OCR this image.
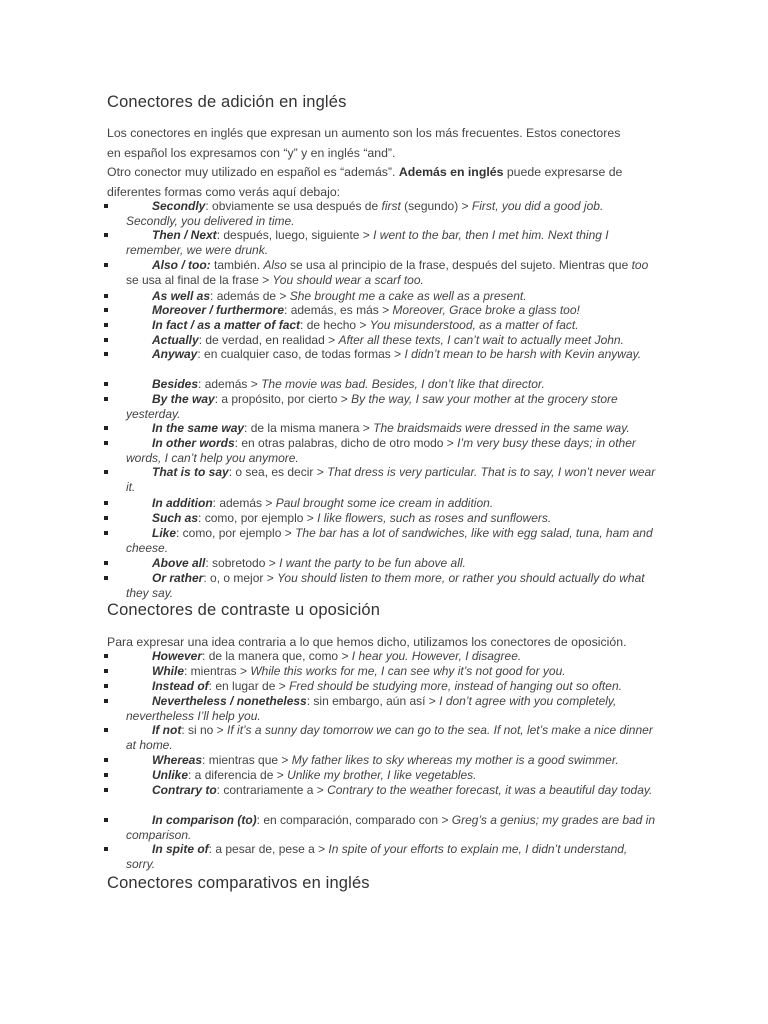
Conectores de adición en inglés

Los conectores en inglés que expresan un aumento son los más frecuentes. Estos conectores en español los expresamos con “y” y en inglés “and”.

Otro conector muy utilizado en español es “además”. Además en inglés puede expresarse de diferentes formas como verás aquí debajo:

Secondly: obviamente se usa después de first (segundo) > First, you did a good job. Secondly, you delivered in time.
Then / Next: después, luego, siguiente > I went to the bar, then I met him. Next thing I remember, we were drunk.
Also / too: también. Also se usa al principio de la frase, después del sujeto. Mientras que too se usa al final de la frase > You should wear a scarf too.
As well as: además de > She brought me a cake as well as a present.
Moreover / furthermore: además, es más > Moreover, Grace broke a glass too!
In fact / as a matter of fact: de hecho > You misunderstood, as a matter of fact.
Actually: de verdad, en realidad > After all these texts, I can’t wait to actually meet John.
Anyway: en cualquier caso, de todas formas > I didn’t mean to be harsh with Kevin anyway.
Besides: además > The movie was bad. Besides, I don’t like that director.
By the way: a propósito, por cierto > By the way, I saw your mother at the grocery store yesterday.
In the same way: de la misma manera > The braidsmaids were dressed in the same way.
In other words: en otras palabras, dicho de otro modo > I’m very busy these days; in other words, I can’t help you anymore.
That is to say: o sea, es decir > That dress is very particular. That is to say, I won’t never wear it.
In addition: además > Paul brought some ice cream in addition.
Such as: como, por ejemplo > I like flowers, such as roses and sunflowers.
Like: como, por ejemplo > The bar has a lot of sandwiches, like with egg salad, tuna, ham and cheese.
Above all: sobretodo > I want the party to be fun above all.
Or rather: o, o mejor > You should listen to them more, or rather you should actually do what they say.
Conectores de contraste u oposición

Para expresar una idea contraria a lo que hemos dicho, utilizamos los conectores de oposición.

However: de la manera que, como > I hear you. However, I disagree.
While: mientras > While this works for me, I can see why it’s not good for you.
Instead of: en lugar de > Fred should be studying more, instead of hanging out so often.
Nevertheless / nonetheless: sin embargo, aún así > I don’t agree with you completely, nevertheless I’ll help you.
If not: si no > If it’s a sunny day tomorrow we can go to the sea. If not, let’s make a nice dinner at home.
Whereas: mientras que > My father likes to sky whereas my mother is a good swimmer.
Unlike: a diferencia de > Unlike my brother, I like vegetables.
Contrary to: contrariamente a > Contrary to the weather forecast, it was a beautiful day today.
In comparison (to): en comparación, comparado con > Greg’s a genius; my grades are bad in comparison.
In spite of: a pesar de, pese a > In spite of your efforts to explain me, I didn’t understand, sorry.
Conectores comparativos en inglés
